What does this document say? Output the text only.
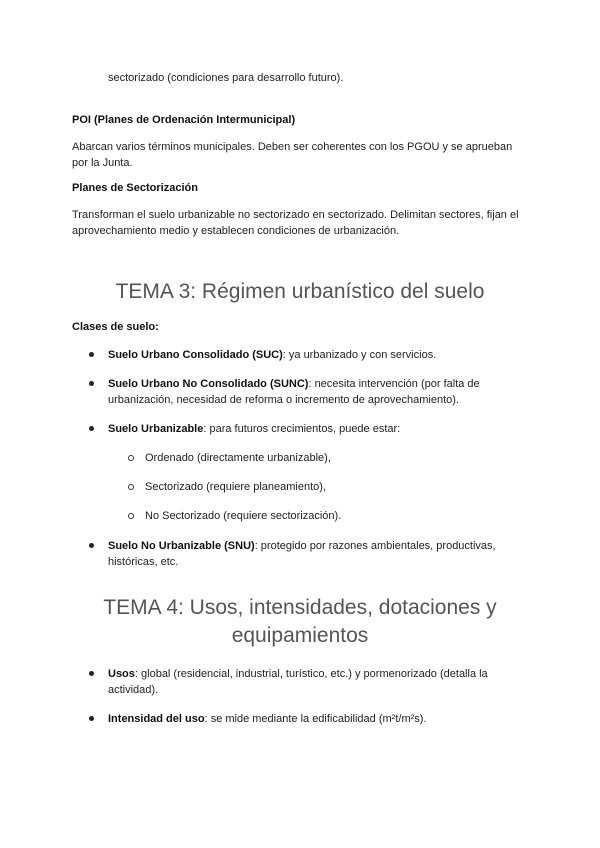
sectorizado (condiciones para desarrollo futuro).

POI (Planes de Ordenación Intermunicipal)

Abarcan varios términos municipales. Deben ser coherentes con los PGOU y se aprueban

por la Junta.

Planes de Sectorización

Transforman el suelo urbanizable no sectorizado en sectorizado. Delimitan sectores, fijan el

aprovechamiento medio y establecen condiciones de urbanización.

TEMA 3: Régimen urbanístico del suelo

Clases de suelo:

Suelo Urbano Consolidado (SUC): ya urbanizado y con servicios.

Suelo Urbano No Consolidado (SUNC): necesita intervención (por falta de

urbanización, necesidad de reforma o incremento de aprovechamiento).

Suelo Urbanizable: para futuros crecimientos, puede estar:

Ordenado (directamente urbanizable),

Sectorizado (requiere planeamiento),

No Sectorizado (requiere sectorización).

Suelo No Urbanizable (SNU): protegido por razones ambientales, productivas,

históricas, etc.

TEMA 4: Usos, intensidades, dotaciones y
equipamientos

Usos: global (residencial, industrial, turístico, etc.) y pormenorizado (detalla la

actividad).

Intensidad del uso: se mide mediante la edificabilidad (m²t/m²s).
